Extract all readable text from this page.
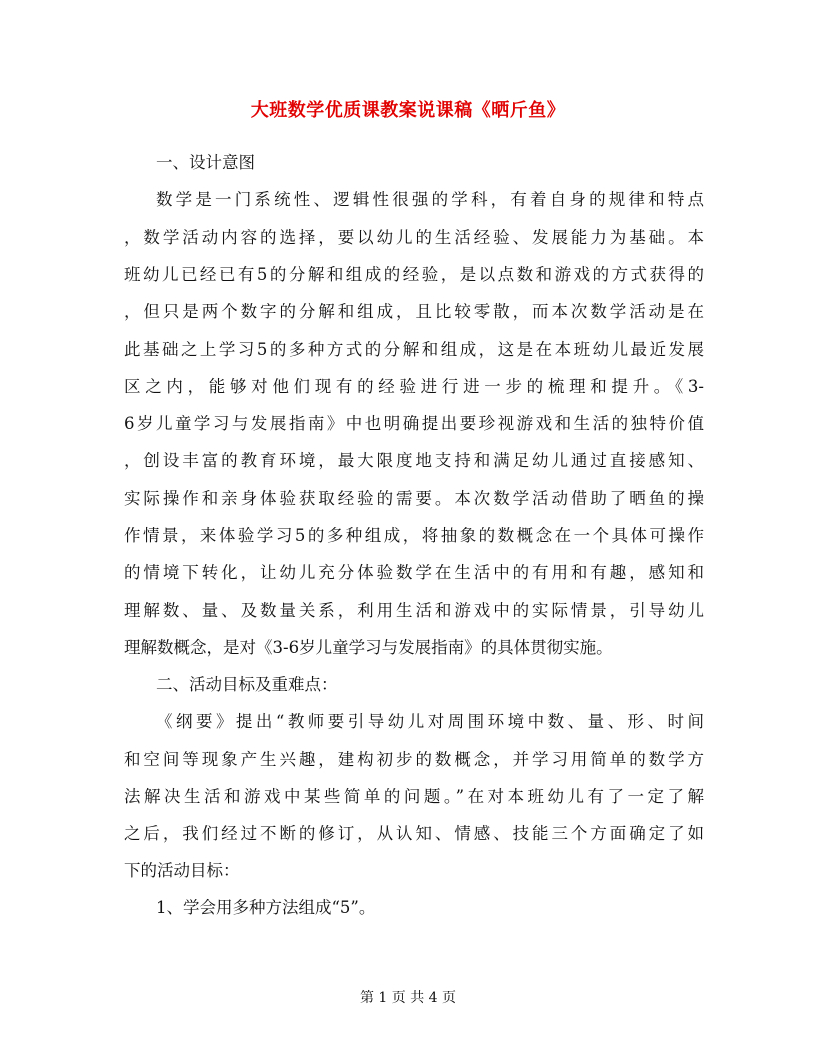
大班数学优质课教案说课稿《晒斤鱼》
一、设计意图
数学是一门系统性、逻辑性很强的学科，有着自身的规律和特点
，数学活动内容的选择，要以幼儿的生活经验、发展能力为基础。本
班幼儿已经已有5的分解和组成的经验，是以点数和游戏的方式获得的
，但只是两个数字的分解和组成，且比较零散，而本次数学活动是在
此基础之上学习5的多种方式的分解和组成，这是在本班幼儿最近发展
区之内，能够对他们现有的经验进行进一步的梳理和提升。《3-
6岁儿童学习与发展指南》中也明确提出要珍视游戏和生活的独特价值
，创设丰富的教育环境，最大限度地支持和满足幼儿通过直接感知、
实际操作和亲身体验获取经验的需要。本次数学活动借助了晒鱼的操
作情景，来体验学习5的多种组成，将抽象的数概念在一个具体可操作
的情境下转化，让幼儿充分体验数学在生活中的有用和有趣，感知和
理解数、量、及数量关系，利用生活和游戏中的实际情景，引导幼儿
理解数概念，是对《3-6岁儿童学习与发展指南》的具体贯彻实施。
二、活动目标及重难点：
《纲要》提出“教师要引导幼儿对周围环境中数、量、形、时间
和空间等现象产生兴趣，建构初步的数概念，并学习用简单的数学方
法解决生活和游戏中某些简单的问题。”在对本班幼儿有了一定了解
之后，我们经过不断的修订，从认知、情感、技能三个方面确定了如
下的活动目标：
1、学会用多种方法组成“5”。
第 1 页 共 4 页
